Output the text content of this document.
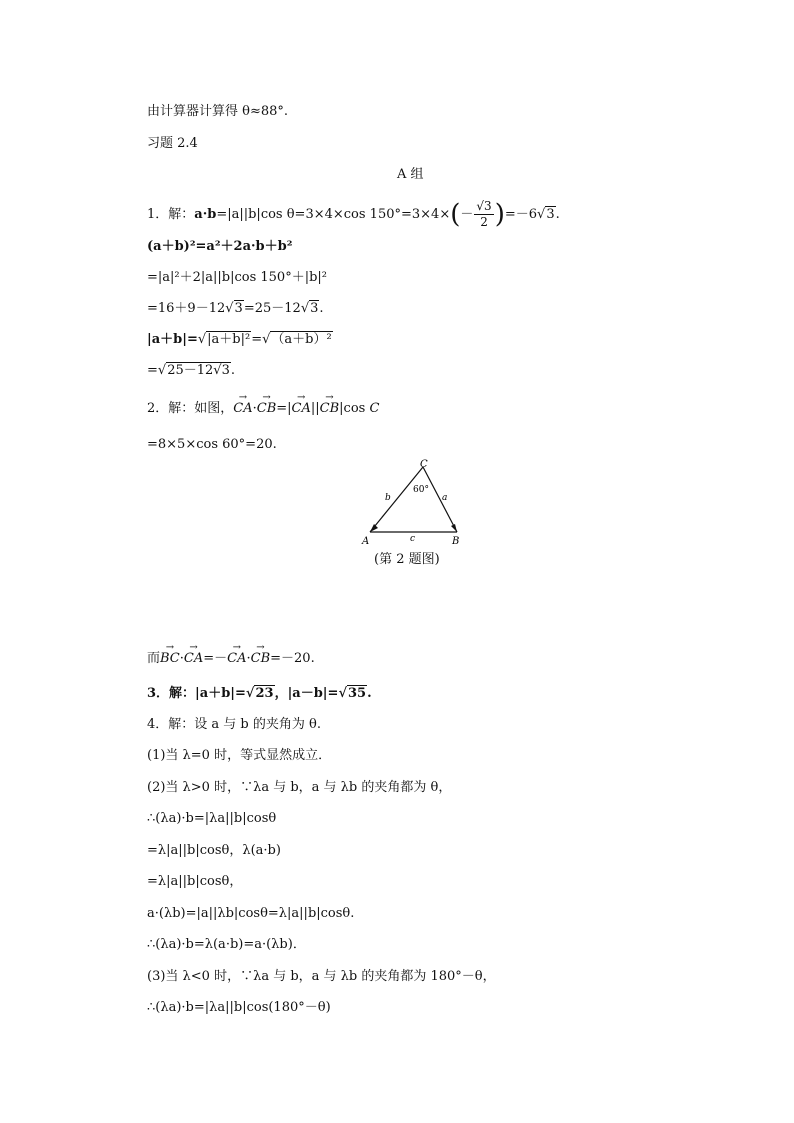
由计算器计算得 θ≈88°.
习题 2.4
A 组
1．解：a·b=|a||b|cos θ=3×4×cos $150^\circ=3\times 4\times(- \frac{√3}{2} )=-6√3$.
(a＋b)²=a²＋2a·b＋b²
=|a|²＋2|a||b|cos 150°＋|b|²
=16＋9－12√3=25－12√3.
|a＋b|=√|a＋b|²=√（a＋b）²
=√25－12√3.
2．解：如图，→ CA·→ CB=|→ CA||→ CB|cos C
=8×5×cos 60°=20.
C
60°
b	a
A	c	B
(第 2 题图)
而→ BC·→ CA=－→ CA·→ CB=－20.
3．解：|a＋b|=√23，|a－b|=√35.
4．解：设 a 与 b 的夹角为 θ.
(1)当 λ=0 时，等式显然成立．
(2)当 λ>0 时，∵λa 与 b，a 与 λb 的夹角都为 θ，
∴(λa)·b=|λa||b|cosθ
=λ|a||b|cosθ，λ(a·b)
=λ|a||b|cosθ，
a·(λb)=|a||λb|cosθ=λ|a||b|cosθ.
∴(λa)·b=λ(a·b)=a·(λb)．
(3)当 λ<0 时，∵λa 与 b，a 与 λb 的夹角都为 180°－θ，
∴(λa)·b=|λa||b|cos(180°－θ)
